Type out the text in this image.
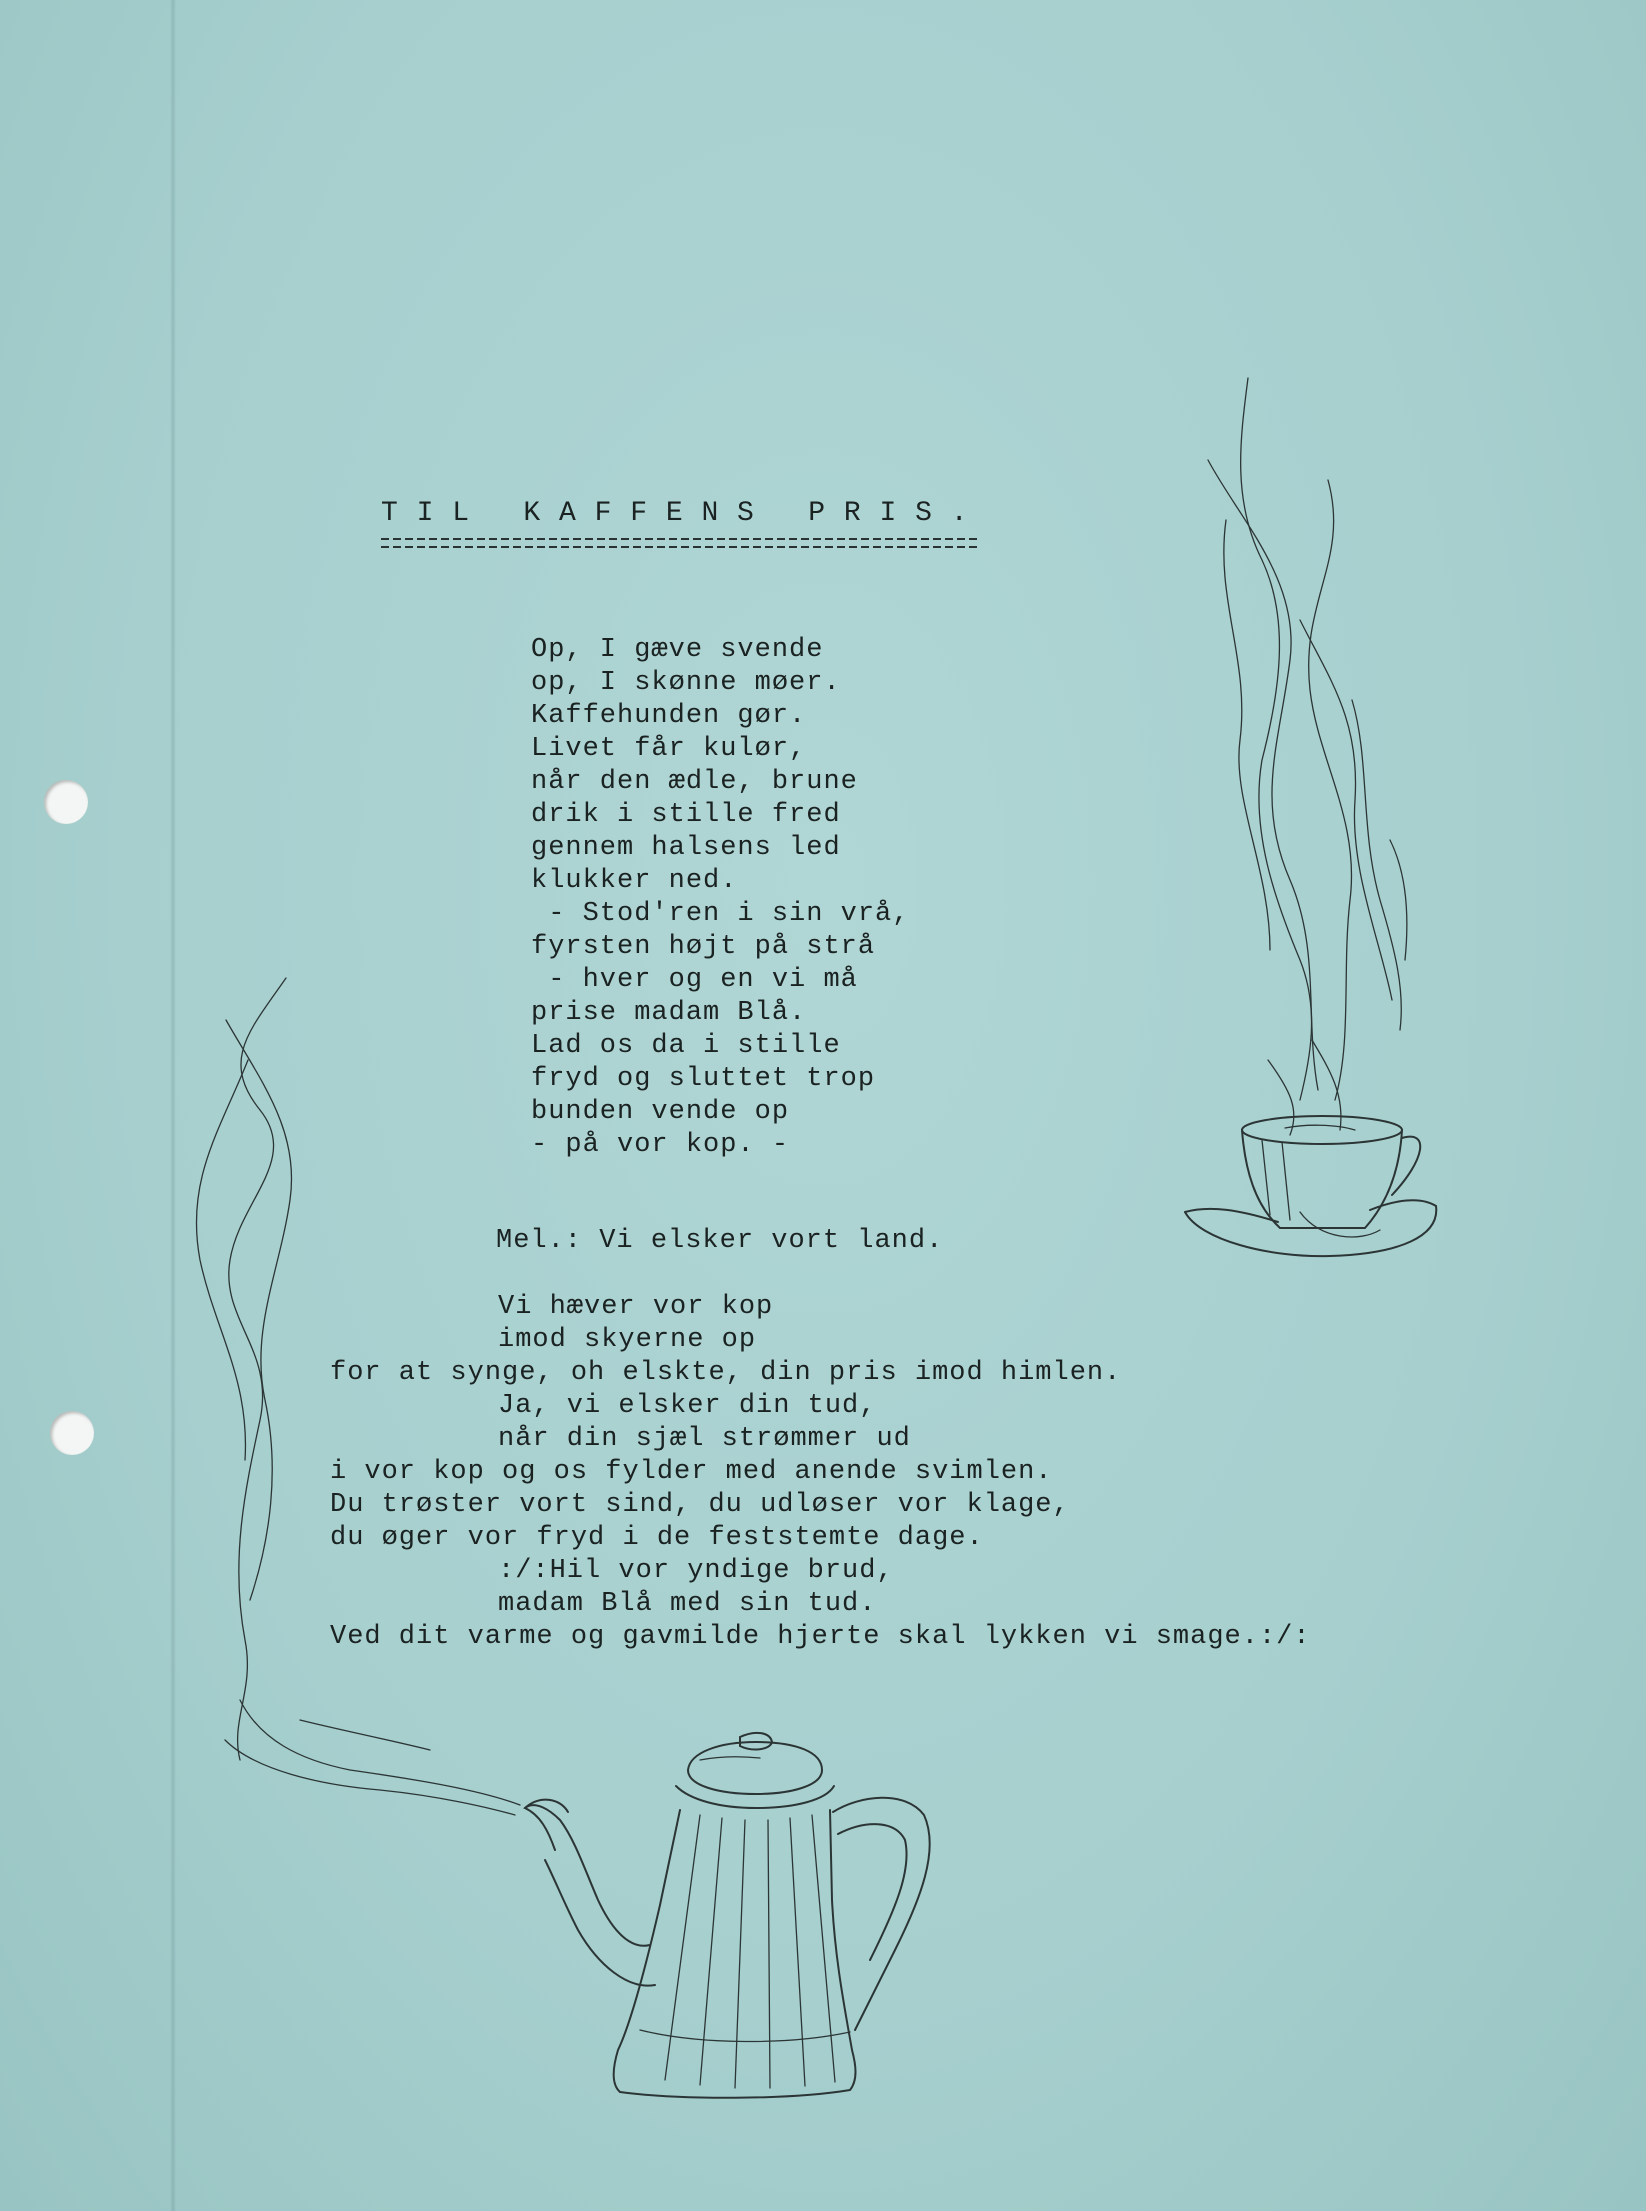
T I L   K A F F E N S   P R I S .
Op, I gæve svende
op, I skønne møer.
Kaffehunden gør.
Livet får kulør,
når den ædle, brune
drik i stille fred
gennem halsens led
klukker ned.
- Stod'ren i sin vrå,
fyrsten højt på strå
- hver og en vi må
prise madam Blå.
Lad os da i stille
fryd og sluttet trop
bunden vende op
- på vor kop. -
Mel.: Vi elsker vort land.
Vi hæver vor kop
imod skyerne op
for at synge, oh elskte, din pris imod himlen.
Ja, vi elsker din tud,
når din sjæl strømmer ud
i vor kop og os fylder med anende svimlen.
Du trøster vort sind, du udløser vor klage,
du øger vor fryd i de feststemte dage.
:/:Hil vor yndige brud,
madam Blå med sin tud.
Ved dit varme og gavmilde hjerte skal lykken vi smage.:/:
